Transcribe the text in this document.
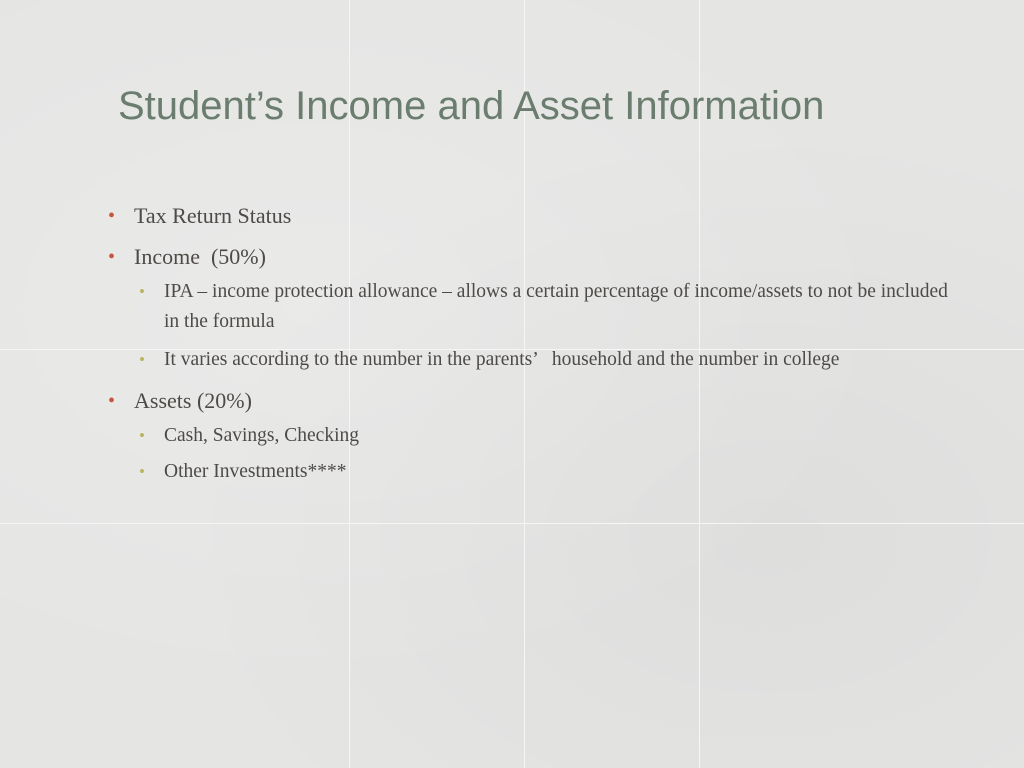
Student’s Income and Asset Information
• Tax Return Status
• Income  (50%)
• IPA – income protection allowance – allows a certain percentage of income/assets to not be included in the formula
• It varies according to the number in the parents’   household and the number in college
• Assets (20%)
• Cash, Savings, Checking
• Other Investments****
